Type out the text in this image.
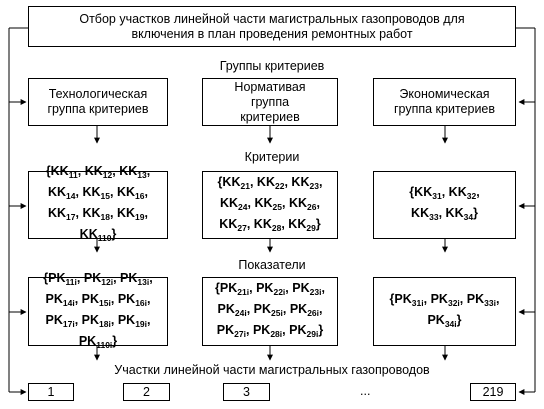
Отбор участков линейной части магистральных газопроводов для включения в план проведения ремонтных работ
Группы критериев
Технологическая группа критериев
Нормативая группа критериев
Экономическая группа критериев
Критерии
{$KK_{11}$, $KK_{12}$, $KK_{13}$, $KK_{14}$, $KK_{15}$, $KK_{16}$, $KK_{17}$, $KK_{18}$, $KK_{19}$, $KK_{110}$}
{$KK_{21}$, $KK_{22}$, $KK_{23}$, $KK_{24}$, $KK_{25}$, $KK_{26}$, $KK_{27}$, $KK_{28}$, $KK_{29}$}
{$KK_{31}$, $KK_{32}$, $KK_{33}$, $KK_{34}$}
Показатели
{$PK_{11i}$, $PK_{12i}$, $PK_{13i}$, $PK_{14i}$, $PK_{15i}$, $PK_{16i}$, $PK_{17i}$, $PK_{18i}$, $PK_{19i}$, $PK_{110i}$}
{$PK_{21i}$, $PK_{22i}$, $PK_{23i}$, $PK_{24i}$, $PK_{25i}$, $PK_{26i}$, $PK_{27i}$, $PK_{28i}$, $PK_{29i}$}
{$PK_{31i}$, $PK_{32i}$, $PK_{33i}$, $PK_{34i}$}
Участки линейной части магистральных газопроводов
1	2	3	...	219
